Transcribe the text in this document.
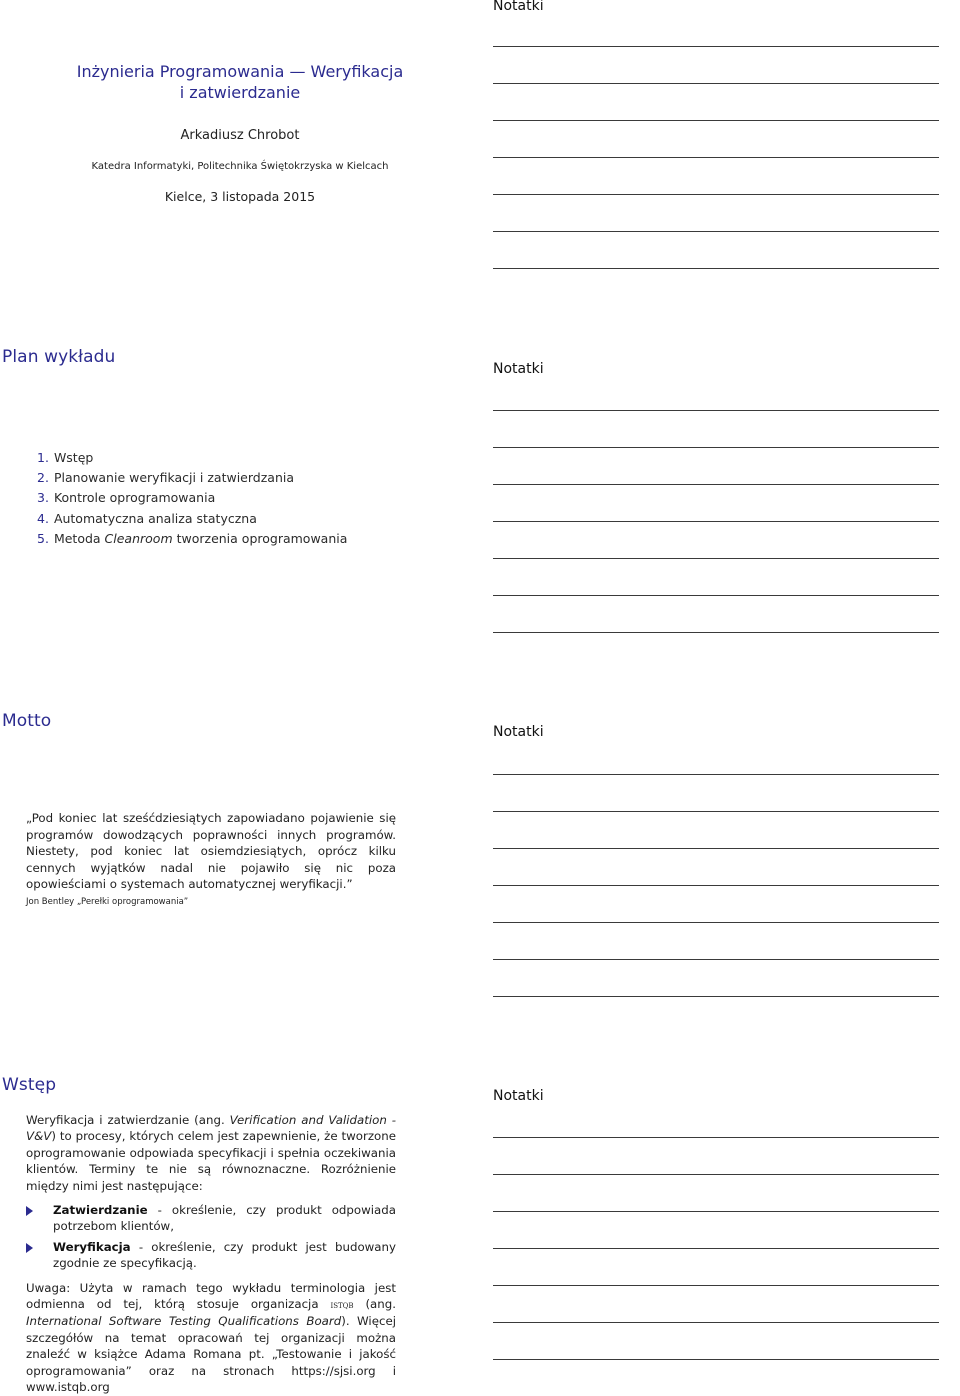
Inżynieria Programowania — Weryfikacja
i zatwierdzanie
Arkadiusz Chrobot
Katedra Informatyki, Politechnika Świętokrzyska w Kielcach
Kielce, 3 listopada 2015
Notatki
Plan wykładu
1. Wstęp
2. Planowanie weryfikacji i zatwierdzania
3. Kontrole oprogramowania
4. Automatyczna analiza statyczna
5. Metoda Cleanroom tworzenia oprogramowania
Notatki
Motto
„Pod koniec lat sześćdziesiątych zapowiadano pojawienie się programów dowodzących poprawności innych programów. Niestety, pod koniec lat osiemdziesiątych, oprócz kilku cennych wyjątków nadal nie pojawiło się nic poza opowieściami o systemach automatycznej weryfikacji.”
Jon Bentley „Perełki oprogramowania”
Notatki
Wstęp

Weryfikacja i zatwierdzanie (ang. Verification and Validation - V&V) to procesy, których celem jest zapewnienie, że tworzone oprogramowanie odpowiada specyfikacji i spełnia oczekiwania klientów. Terminy te nie są równoznaczne. Rozróżnienie między nimi jest następujące:

Zatwierdzanie - określenie, czy produkt odpowiada potrzebom klientów,
Weryfikacja - określenie, czy produkt jest budowany zgodnie ze specyfikacją.

Uwaga: Użyta w ramach tego wykładu terminologia jest odmienna od tej, którą stosuje organizacja istqb (ang. International Software Testing Qualifications Board). Więcej szczegółów na temat opracowań tej organizacji można znaleźć w książce Adama Romana pt. „Testowanie i jakość oprogramowania” oraz na stronach https://sjsi.org i www.istqb.org

Notatki
